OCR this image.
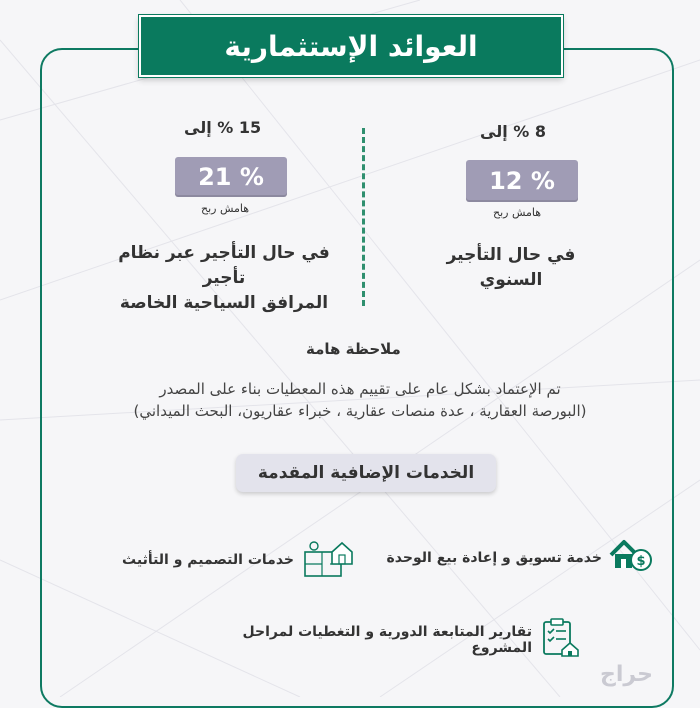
العوائد الإستثمارية
15 % إلى
21 %
هامش ربح
في حال التأجير عبر نظام تأجير
المرافق السياحية الخاصة
8 % إلى
12 %
هامش ربح
في حال التأجير
السنوي
ملاحظة هامة
تم الإعتماد بشكل عام على تقييم هذه المعطيات بناء على المصدر
(البورصة العقارية ، عدة منصات عقارية ، خبراء عقاريون، البحث الميداني)
الخدمات الإضافية المقدمة
خدمة تسويق و إعادة بيع الوحدة	$
خدمات التصميم و التأثيث
تقارير المتابعة الدورية و التغطيات لمراحل المشروع
حراج
